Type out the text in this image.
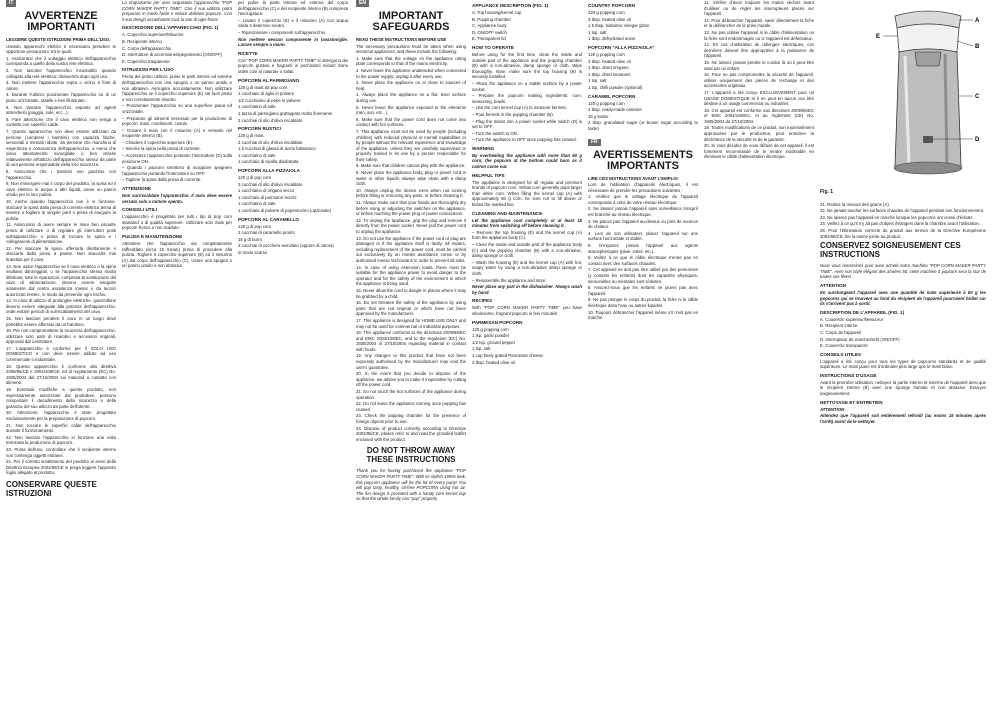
IT
AVVERTENZE IMPORTANTI

LEGGERE QUESTE ISTRUZIONI PRIMA DELL'USO.

Usando apparecchi elettrici è necessario prendere le opportune precauzioni, tra le quali:

1. Assicurarsi che il voltaggio elettrico dell'apparecchio corrisponda a quello della vostra rete elettrica.

2. Non lasciare l'apparecchio incustodito quando collegato alla rete elettrica; disinserirlo dopo ogni uso.

3. Non mettere l'apparecchio sopra o vicino a fonti di calore.

4. Durante l'utilizzo posizionare l'apparecchio su di un piano orizzontale, stabile e ben illuminato.

5. Non lasciare l'apparecchio esposto ad agenti atmosferici (pioggia, sole, ecc...).

6. Fare attenzione che il cavo elettrico non venga a contatto con superfici calde.

7. Questo apparecchio non deve essere utilizzato da persone (compresi i bambini) con capacità fisiche, sensoriali o mentali ridotte, da persone che manchino di esperienza e conoscenza dell'apparecchio, a meno che siano attentamente sorvegliate o ben istruite relativamente all'utilizzo dell'apparecchio stesso da parte di una persona responsabile della loro sicurezza.

8. Assicurarsi che i bambini non giochino con l'apparecchio.

9. Non immergere mai il corpo del prodotto, la spina ed il cavo elettrico in acqua o altri liquidi, usare un panno umido per la loro pulizia.

10. Anche quando l'apparecchio non è in funzione, staccare la spina dalla presa di corrente elettrica prima di inserire o togliere le singole parti o prima di eseguire la pulizia.

11. Assicurarsi di avere sempre le mani ben asciutte prima di utilizzare o di regolare gli interruttori posti sull'apparecchio o prima di toccare la spina e i collegamenti di alimentazione.

12. Per staccare la spina, afferrarla direttamente e staccarla dalla presa a parete. Non staccarla mai tirandola per il cavo.

13. Non usare l'apparecchio se il cavo elettrico o la spina risultano danneggiati, o se l'apparecchio stesso risulta difettoso; tutte le riparazioni, compresa la sostituzione del cavo di alimentazione, devono essere eseguite solamente dal centro assistenza Imetec o da tecnici autorizzati Imetec, in modo da prevenire ogni rischio.

14. In caso di utilizzo di prolunghe elettriche, quest'ultime devono essere adeguate alla potenza dell'apparecchio, onde evitare pericoli di surriscaldamento del cavo.

15. Non lasciare pendere il cavo in un luogo dove potrebbe essere afferrato da un bambino.

16. Per non compromettere la sicurezza dell'apparecchio, utilizzare solo parti di ricambio e accessori originali, approvati dal costruttore.

17. L'apparecchio è conforme per il SOLO USO DOMESTICO e non deve essere adibito ad uso commerciale o industriale.

18. Questo apparecchio è conforme alla direttiva 2009/95/CE e 2004/108/CE, ed al regolamento (EC) No. 1935/2004 del 27/10/2004 sui materiali a contatto con alimenti.

19. Eventuali modifiche a questo prodotto, non espressamente autorizzate dal produttore, possono comportare il decadimento della sicurezza e della garanzia del suo utilizzo da parte dell'utente.

20. Attenzione: l'apparecchio è stato progettato esclusivamente per la preparazione di popcorn.

21. Non toccare le superfici calde dell'apparecchio durante il funzionamento.

22. Non lasciare l'apparecchio in funzione una volta terminata la produzione di popcorn.

23. Prima dell'uso, controllare che il recipiente interno non contenga oggetti estranei.

24. Per il corretto smaltimento del prodotto ai sensi della Direttiva Europea 2002/96/CE si prega leggere l'apposito foglio allegato al prodotto.

CONSERVARE QUESTE ISTRUZIONI

La ringraziamo per aver acquistato l'apparecchio "POP CORN MAKER PARTY TIME". Con il suo utilizzo potrà preparare in modo facile e veloce deliziosi popcorn. Con il suo design accattivante sarà la star di ogni festa!

DESCRIZIONE DELL'APPARECCHIO (FIG. 1)

A. Coperchio superiore/Misurino

B. Recipiente interno

C. Corpo dell'apparecchio

D. Interruttore di accensione/spegnimento (ON/OFF)

E. Coperchio trasparente

ISTRUZIONI PER L'USO

Prima del primo utilizzo, pulire le parti interne ed esterne dell'apparecchio con una spugna o un panno umido e non abrasivo. Asciugare accuratamente. Non utilizzare l'apparecchio se il coperchio superiore (E) sia fuori posto o non correttamente inserito.

– Posizionare l'apparecchio su una superficie piana ed orizzontale.

– Preparare gli alimenti necessari per la produzione di popcorn: mais, condimenti, ciotole.

– Dosare il mais con il misurino (A) e versarlo nel recipiente interno (B).

– Chiudere il coperchio superiore (E).

– Inserire la spina nella presa di corrente.

– Accendere l'apparecchio portando l'interruttore (D) sulla posizione ON.

– Quando i popcorn smettono di scoppiare spegnere l'apparecchio portando l'interruttore su OFF.

– Togliere la spina dalla presa di corrente.

ATTENZIONE

Non surriscaldare l'apparecchio. Il mais deve essere versato solo a motore spento.

CONSIGLI UTILI

L'apparecchio è progettato per tutti i tipi di pop corn standard o di qualità superiore. Utilizzare solo mais per popcorn fresco e non scaduto.

PULIZIA E MANUTENZIONE

Attendere che l'apparecchio sia completamente raffreddato (circa 15 minuti) prima di procedere alla pulizia. Togliere il coperchio superiore (E) ed il misurino (A) dal corpo dell'apparecchio (C). Usare una spugna o un panno umido e non abrasivo.

per pulire la parte interna ed esterna del corpo dell'apparecchio (C) e del recipiente interno (B) compresa l'asciugatura.

– Lavare il coperchio (E) e il misurino (A) con acqua calda e detersivo neutro.

– Riposizionare i componenti sull'apparecchio.

Non mettere nessun componente in lavastoviglie. Lavare sempre a mano.

RICETTE

Con "POP CORN MAKER PARTY TIME" si ottengono dei popcorn gustosi e fragranti in pochissimi minuti! Sono ottimi così al naturale o salati.

POPCORN AL PARMIGIANO

120 g di mais da pop corn

1 cucchiaio di aglio in polvere

1/2 cucchiaino di pepe in polvere

1 cucchiaino di sale

1 tazza di parmigiano grattugiato molto finemente

3 cucchiai di olio d'oliva riscaldato

POPCORN RUSTICI

120 g di mais

3 cucchiai di olio d'oliva riscaldato

1,5 cucchiai di glassa di aceto balsamico

1 cucchiaino di sale

1 cucchiaio di cipolla disidratata

POPCORN ALLA PIZZAIOLA

120 g di pop corn

3 cucchiai di olio d'oliva riscaldato

1 cucchiaino di origano secco

1 cucchiaio di pomodori secchi

1 cucchiaino di sale

1 cucchiaio di polvere di peperoncino (opzionale)

POPCORN AL CARAMELLO

120 g di pop corn

2 cucchiai di caramello pronto

15 g di burro

2 cucchiai di zucchero semolato (oppure di canna)

in modo scarso

EN
IMPORTANT SAFEGUARDS

READ THESE INSTRUCTIONS BEFORE USE

The necessary precautions must be taken when using electrical appliances, and these include the following:

1. Make sure that the voltage on the appliance rating plate corresponds to that of the mains electricity.

2. Never leave the appliance unattended when connected to the power supply; unplug it after every use.

3. Never place the appliance on or close to sources of heat.

4. Always place the appliance on a flat, level surface during use.

5. Never leave the appliance exposed to the elements (rain, sun, etc...).

6. Make sure that the power cord does not come into contact with hot surfaces.

7. This appliance must not be used by people (including children) with reduced physical or mental capabilities or by people without the relevant experience and knowledge of the appliance, unless they are carefully supervised or properly trained in its use by a person responsible for their safety.

8. Make sure that children cannot play with the appliance.

9. Never place the appliance body, plug or power cord in water or other liquids; always wipe clean with a damp cloth.

10. Always unplug the device even when not running before fitting or removing any parts, or before cleaning it.

11. Always make sure that your hands are thoroughly dry before using or adjusting the switches on the appliance, or before touching the power plug or power connections.

12. To unplug the appliance, grip the plug and remove it directly from the power socket. Never pull the power cord to unplug the appliance.

13. Do not use the appliance if the power cord or plug are damaged or if the appliance itself is faulty; all repairs, including replacement of the power cord, must be carried out exclusively by an Imetec assistance centre or by authorised Imetec technicians in order to prevent all risks.

14. In case of using extension leads, these must be suitable for the appliance power to avoid danger to the operator and for the safety of the environment in which the appliance is being used.

15. Never allow the cord to dangle in places where it may be grabbed by a child.

16. Do not threaten the safety of the appliance by using parts that are not original or which have not been approved by the manufacturer.

17. This appliance is designed for HOME USE ONLY and may not be used for commercial or industrial purposes.

18. This appliance conforms to the directives 2009/95/EC and EMC 2004/108/EC, and to the regulation (EC) No. 1935/2004 of 27/10/2004 regarding material in contact with foods.

19. Any changes to this product that have not been expressly authorised by the manufacturer may void the user's guarantee.

20. In the event that you decide to dispose of the appliance, we advise you to make it inoperative by cutting off the power cord.

21. Do not touch the hot surfaces of the appliance during operation.

22. Do not leave the appliance running once popping has ceased.

23. Check the popping chamber for the presence of foreign objects prior to use.

24. Dispose of product correctly according to Directive 2002/96/CE, please refer to and read the provided leaflet enclosed with the product.

DO NOT THROW AWAY THESE INSTRUCTIONS

Thank you for having purchased the appliance "POP CORN MAKER PARTY TIME". With its stylish 1950s look, this popcorn appliance will be the hit of every party! You will pop tasty, healthy, oil-free POPCORN using hot air. The fun design is provided with a handy corn kernel cup so that the whole family can "pop" properly.

APPLIANCE DESCRIPTION (FIG. 1)

A. Top housing/kernel cup

B. Popping chamber

C. Appliance body

D. ON/OFF switch

E. Transparent lid

HOW TO OPERATE

Before using for the first time, clean the inside and outside part of the appliance and the popping chamber (B) with a non-abrasive, damp sponge or cloth. Wipe thoroughly. Note: make sure the top housing (E) is securely installed.

– Place the appliance on a stable surface by a power socket.

– Prepare the popcorn making ingredients: corn, seasoning, bowls.

– Use the corn kernel cup (A) to measure kernels.

– Pour kernels in the popping chamber (B).

– Plug the mains into a power socket while switch (D) is set to OFF.

– Turn the switch to ON.

– Turn the appliance to OFF once popping has ceased.

WARNING

By overheating the appliance with more than 60 g corn, the popcorn at the bottom could burn as it cannot come out.

HELPFUL TIPS

The appliance is designed for all regular and premium brands of popcorn corn. Yellow corn generally pops larger than white corn. When filling the kernel cup (A) with approximately 60 g corn, be sure not to fill above or below the marked line.

CLEANING AND MAINTENANCE

Let the appliance cool completely or at least 15 minutes from switching off before cleaning it.

– Remove the top housing (E) and the kernel cup (A) from the appliance body (C).

– Clean the inside and outside part of the appliance body (C) and the popping chamber (B) with a non-abrasive, damp sponge or cloth.

– Wash the housing (E) and the kernel cup (A) with hot, soapy water by using a non-abrasive damp sponge or cloth.

– Reassemble the appliance and store.

Never place any part in the dishwasher. Always wash by hand.

RECIPES

With "POP CORN MAKER PARTY TIME" you have wholesome, fragrant popcorn in few minutes!

PARMESAN POPCORN

120 g popping corn

1 tsp. garlic powder

1/2 tsp. ground pepper

1 tsp. salt

1 cup finely grated Parmesan cheese

3 tbsp. heated olive oil

COUNTRY POPCORN

120 g popping corn

3 tbsp. heated olive oil

1.5 tbsp. balsamic vinegar glaze

1 tsp. salt

1 tbsp. dehydrated onion

POPCORN "ALLA PIZZAIOLA"

120 g popping corn

3 tbsp. heated olive oil

1 tbsp. dried oregano

1 tbsp. dried tomatoes

1 tsp. salt

1 tsp. chilli powder (optional)

CARAMEL POPCORN

120 g popping corn

2 tbsp. ready-made caramel

15 g butter

2 tbsp. granulated sugar (or brown sugar according to taste)

FR
AVERTISSEMENTS IMPORTANTS

LIRE CES INSTRUCTIONS AVANT L'EMPLOI

Lors de l'utilisation d'appareils électriques, il est nécessaire de prendre les précautions suivantes :

1. Vérifiez que le voltage électrique de l'appareil corresponde à celui de votre réseau électrique.

2. Ne laissez jamais l'appareil sans surveillance lorsqu'il est branché au réseau électrique.

3. Ne placez pas l'appareil au-dessus ou près de sources de chaleur.

4. Lors de son utilisation, placez l'appareil sur une surface horizontale et stable.

5. N'exposez jamais l'appareil aux agents atmosphériques (pluie, soleil, etc.).

6. Veillez à ce que le câble électrique n'entre pas en contact avec des surfaces chaudes.

7. Cet appareil ne doit pas être utilisé par des personnes (y compris les enfants) dont les capacités physiques, sensorielles ou mentales sont réduites.

8. Assurez-vous que les enfants ne jouent pas avec l'appareil.

9. Ne pas plonger le corps du produit, la fiche ni le câble électrique dans l'eau ou autres liquides.

10. Toujours débrancher l'appareil même s'il n'est pas en marche.

11. Vérifier d'avoir toujours les mains sèches avant d'utiliser ou de régler les interrupteurs placés sur l'appareil.

12. Pour débrancher l'appareil, saisir directement la fiche et la débrancher de la prise murale.

13. Ne pas utiliser l'appareil si le câble d'alimentation ou la fiche sont endommagés ou si l'appareil est défectueux.

14. En cas d'utilisation de rallonges électriques, ces dernières doivent être appropriées à la puissance de l'appareil.

15. Ne laissez jamais pendre le cordon là où il peut être saisi par un enfant.

16. Pour ne pas compromettre la sécurité de l'appareil, utiliser uniquement des pièces de rechange et des accessoires originaux.

17. L'appareil a été conçu EXCLUSIVEMENT pour un USAGE DOMESTIQUE et il ne peut en aucun cas être destiné à un usage commercial ou industriel.

18. Cet appareil est conforme aux directives 2009/95/EC et EMC 2004/108/EC, et au règlement (CE) No. 1935/2004 du 27/10/2004.

19. Toutes modifications de ce produit, non expressément approuvées par le producteur, peut entraîner la déchéance de la sécurité et de la garantie.

20. Si vous décidez de vous défaire de cet appareil, il est fortement recommandé de le rendre inutilisable en éliminant le câble d'alimentation électrique.

Fig. 1

21. Retirez la mesure des grains (A)

22. Ne jamais toucher les surfaces chaudes de l'appareil pendant son fonctionnement.

23. Ne laissez pas l'appareil en marche lorsque les popcorns ont cessé d'éclater.

24. Veillez à ce qu'il n'y ait pas d'objets étrangers dans la chambre avant l'utilisation.

25. Pour l'élimination correcte du produit aux termes de la Directive Européenne 2002/96/CE, lire la notice jointe au produit.

CONSERVEZ SOIGNEUSEMENT CES INSTRUCTIONS

Nous vous remercions pour avoir acheté notre machine "POP CORN MAKER PARTY TIME". Avec son style élégant des années 50, cette machine à popcorn sera la star de toutes vos fêtes!

ATTENTION

En surchargeant l'appareil avec une quantité de maïs supérieure à 60 g les popcorns qui se trouvent au fond du récipient de l'appareil pourraient brûler car ils n'arrivent pas à sortir.

DESCRIPTION DE L'APPAREIL (FIG. 1)

A. Couvercle supérieur/Mesureur

B. Récipient interne

C. Corps de l'appareil

D. Interrupteur de marche/arrêt (ON/OFF)

E. Couvercle transparent

CONSEILS UTILES

L'appareil a été conçu pour tous les types de popcorns standards et de qualité supérieure. Le maïs jaune est d'ordinaire plus large que le maïs blanc.

INSTRUCTIONS D'USAGE

Avant la première utilisation, nettoyez la partie interne et externe de l'appareil ainsi que le récipient interne (B) avec une éponge humide et non abrasive. Essuyez soigneusement.

NETTOYAGE ET ENTRETIEN

ATTENTION

Attendez que l'appareil soit entièrement refroidi (au moins 15 minutes après l'arrêt) avant de le nettoyer.

A
B
C
D
E
